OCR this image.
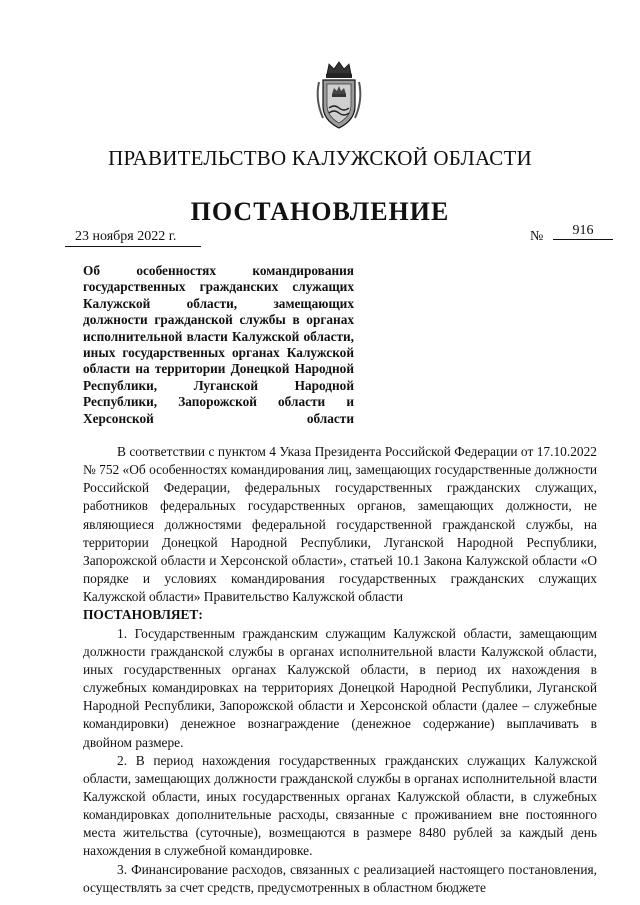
ПРАВИТЕЛЬСТВО КАЛУЖСКОЙ ОБЛАСТИ
ПОСТАНОВЛЕНИЕ
23 ноября 2022 г.	№	916
Об особенностях командирования государственных гражданских служащих Калужской области, замещающих должности гражданской службы в органах исполнительной власти Калужской области, иных государственных органах Калужской области на территории Донецкой Народной Республики, Луганской Народной Республики, Запорожской области и Херсонской области

В соответствии с пунктом 4 Указа Президента Российской Федерации от 17.10.2022 № 752 «Об особенностях командирования лиц, замещающих государственные должности Российской Федерации, федеральных государственных гражданских служащих, работников федеральных государственных органов, замещающих должности, не являющиеся должностями федеральной государственной гражданской службы, на территории Донецкой Народной Республики, Луганской Народной Республики, Запорожской области и Херсонской области», статьей 10.1 Закона Калужской области «О порядке и условиях командирования государственных гражданских служащих Калужской области» Правительство Калужской области

ПОСТАНОВЛЯЕТ:

1. Государственным гражданским служащим Калужской области, замещающим должности гражданской службы в органах исполнительной власти Калужской области, иных государственных органах Калужской области, в период их нахождения в служебных командировках на территориях Донецкой Народной Республики, Луганской Народной Республики, Запорожской области и Херсонской области (далее – служебные командировки) денежное вознаграждение (денежное содержание) выплачивать в двойном размере.

2. В период нахождения государственных гражданских служащих Калужской области, замещающих должности гражданской службы в органах исполнительной власти Калужской области, иных государственных органах Калужской области, в служебных командировках дополнительные расходы, связанные с проживанием вне постоянного места жительства (суточные), возмещаются в размере 8480 рублей за каждый день нахождения в служебной командировке.

3. Финансирование расходов, связанных с реализацией настоящего постановления, осуществлять за счет средств, предусмотренных в областном бюджете
